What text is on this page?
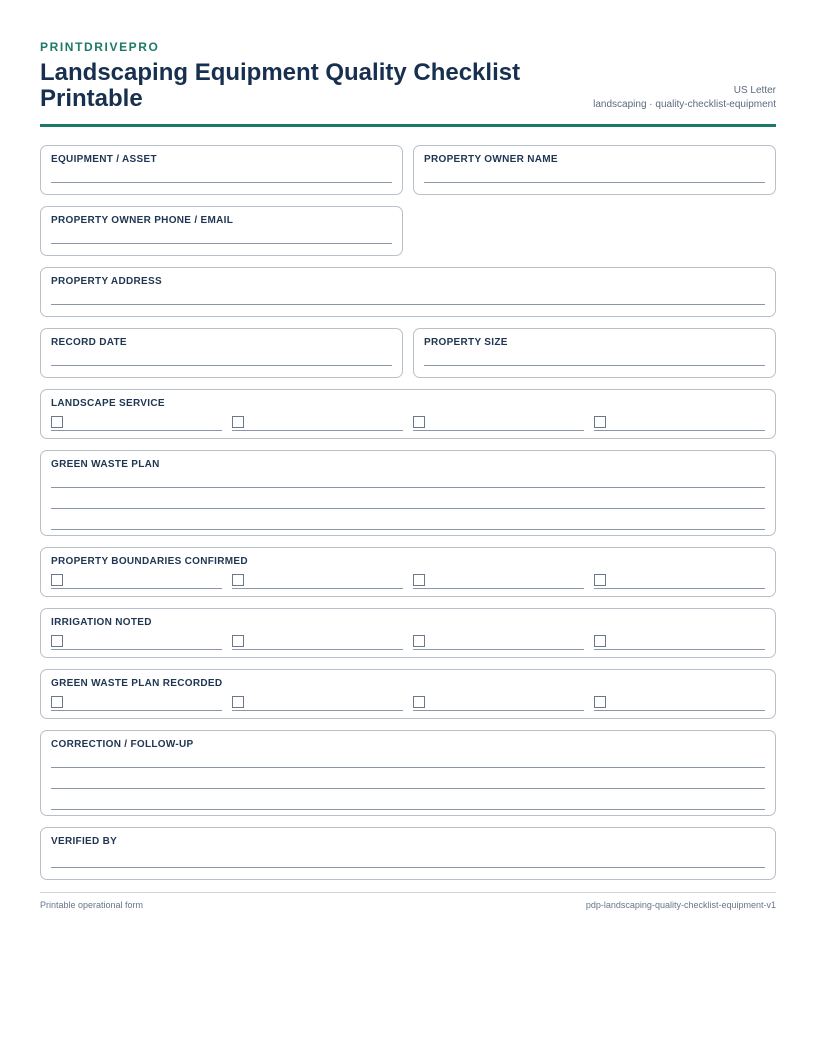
PRINTDRIVEPRO

Landscaping Equipment Quality Checklist Printable	US Letter
landscaping · quality-checklist-equipment
EQUIPMENT / ASSET	PROPERTY OWNER NAME
PROPERTY OWNER PHONE / EMAIL
PROPERTY ADDRESS
RECORD DATE	PROPERTY SIZE
LANDSCAPE SERVICE
GREEN WASTE PLAN
PROPERTY BOUNDARIES CONFIRMED
IRRIGATION NOTED
GREEN WASTE PLAN RECORDED
CORRECTION / FOLLOW-UP
VERIFIED BY
Printable operational form	pdp-landscaping-quality-checklist-equipment-v1
